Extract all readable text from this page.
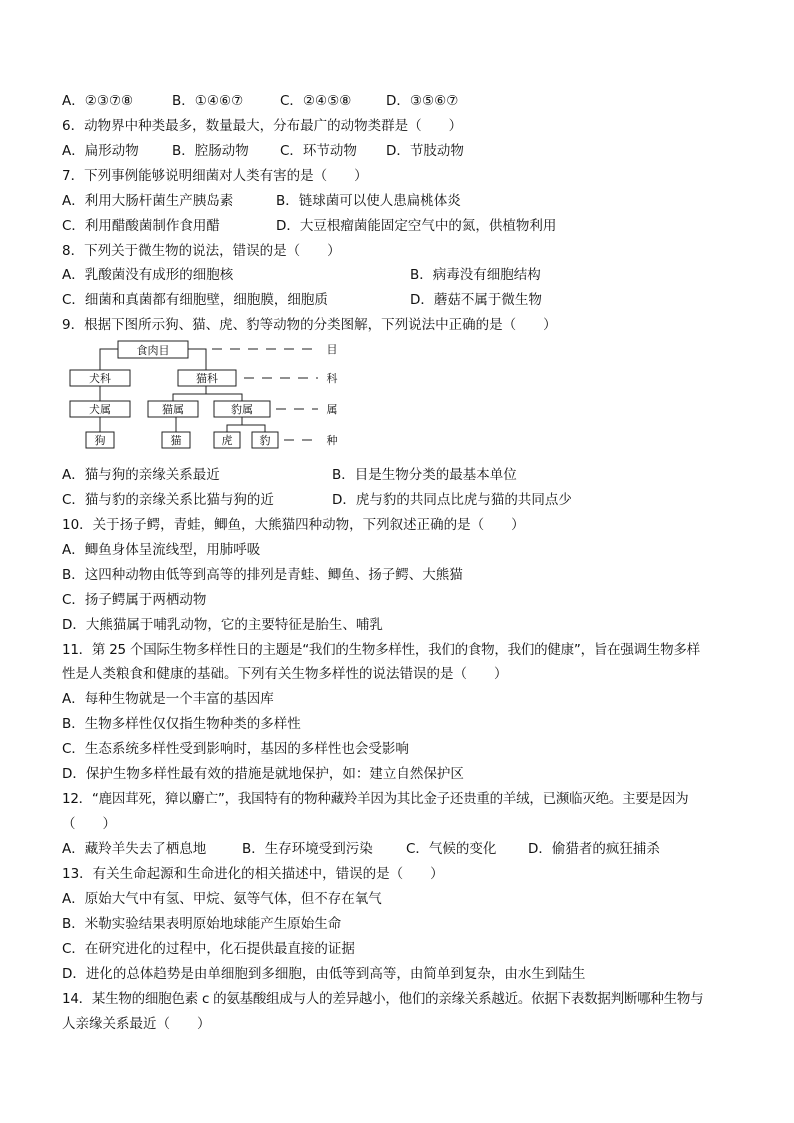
A．②③⑦⑧	B．①④⑥⑦	C．②④⑤⑧	D．③⑤⑥⑦
6．动物界中种类最多，数量最大，分布最广的动物类群是（　　）
A．扁形动物 B．腔肠动物 C．环节动物 D．节肢动物
7．下列事例能够说明细菌对人类有害的是（　　）
A．利用大肠杆菌生产胰岛素	B．链球菌可以使人患扁桃体炎
C．利用醋酸菌制作食用醋	D．大豆根瘤菌能固定空气中的氮，供植物利用
8．下列关于微生物的说法，错误的是（　　）
A．乳酸菌没有成形的细胞核	B．病毒没有细胞结构
C．细菌和真菌都有细胞壁，细胞膜，细胞质	D．蘑菇不属于微生物
9．根据下图所示狗、猫、虎、豹等动物的分类图解，下列说法中正确的是（　　）
食肉目
犬科	猫科
犬属	猫属	豹属
狗	猫	虎 豹
目
科
属
种
A．猫与狗的亲缘关系最近	B．目是生物分类的最基本单位
C．猫与豹的亲缘关系比猫与狗的近	D．虎与豹的共同点比虎与猫的共同点少
10．关于扬子鳄，青蛙，鲫鱼，大熊猫四种动物，下列叙述正确的是（　　）
A．鲫鱼身体呈流线型，用肺呼吸
B．这四种动物由低等到高等的排列是青蛙、鲫鱼、扬子鳄、大熊猫
C．扬子鳄属于两栖动物
D．大熊猫属于哺乳动物，它的主要特征是胎生、哺乳
11．第 25 个国际生物多样性日的主题是“我们的生物多样性，我们的食物，我们的健康”，旨在强调生物多样
性是人类粮食和健康的基础。下列有关生物多样性的说法错误的是（　　）
A．每种生物就是一个丰富的基因库
B．生物多样性仅仅指生物种类的多样性
C．生态系统多样性受到影响时，基因的多样性也会受影响
D．保护生物多样性最有效的措施是就地保护，如：建立自然保护区
12．“鹿因茸死，獐以麝亡”，我国特有的物种藏羚羊因为其比金子还贵重的羊绒，已濒临灭绝。主要是因为
（　　）
A．藏羚羊失去了栖息地	B．生存环境受到污染 C．气候的变化 D．偷猎者的疯狂捕杀
13．有关生命起源和生命进化的相关描述中，错误的是（　　）
A．原始大气中有氢、甲烷、氨等气体，但不存在氧气
B．米勒实验结果表明原始地球能产生原始生命
C．在研究进化的过程中，化石提供最直接的证据
D．进化的总体趋势是由单细胞到多细胞，由低等到高等，由简单到复杂，由水生到陆生
14．某生物的细胞色素 c 的氨基酸组成与人的差异越小，他们的亲缘关系越近。依据下表数据判断哪种生物与
人亲缘关系最近（　　）
